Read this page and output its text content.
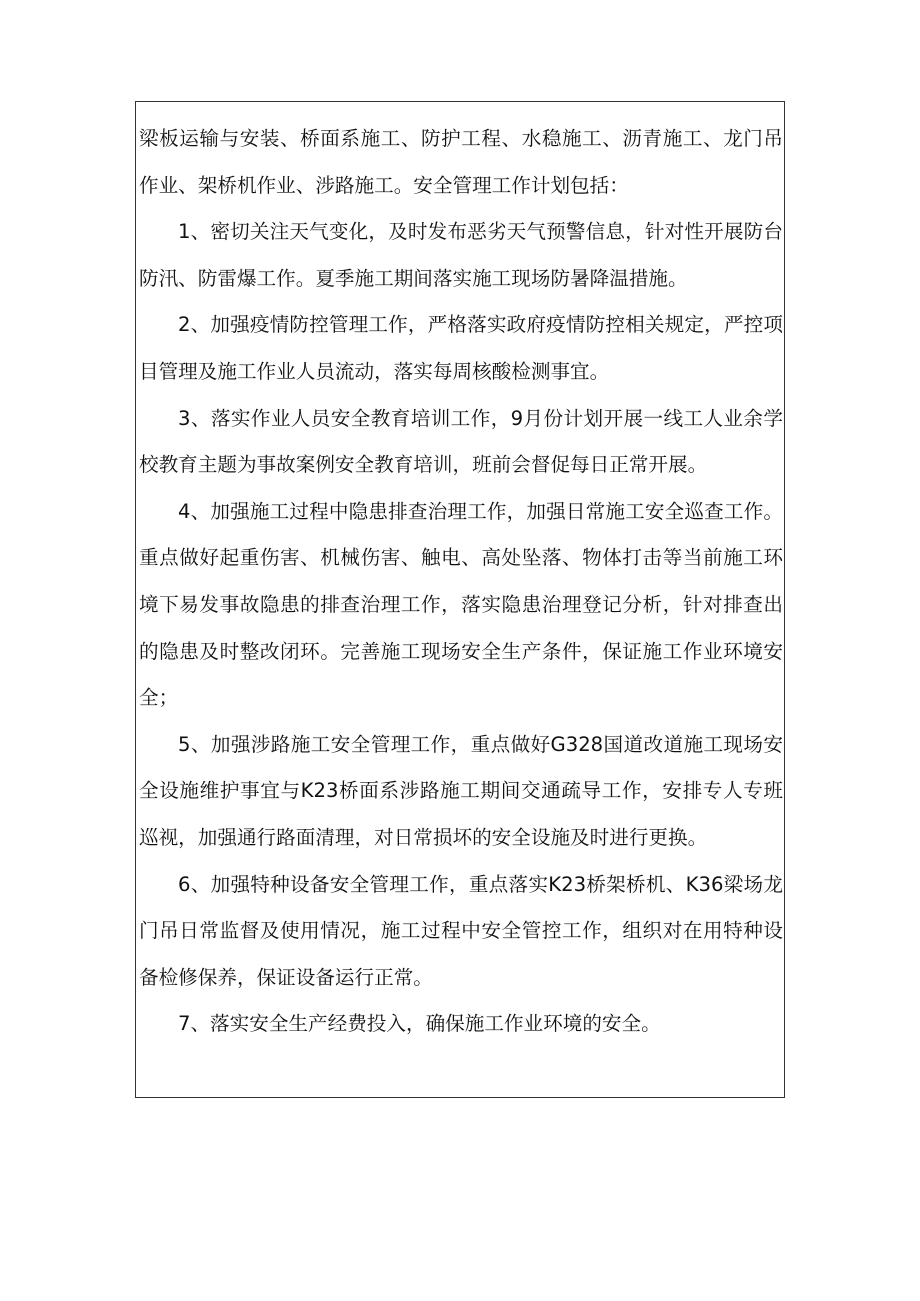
梁板运输与安装、桥面系施工、防护工程、水稳施工、沥青施工、龙门吊作业、架桥机作业、涉路施工。安全管理工作计划包括：

1、密切关注天气变化，及时发布恶劣天气预警信息，针对性开展防台防汛、防雷爆工作。夏季施工期间落实施工现场防暑降温措施。

2、加强疫情防控管理工作，严格落实政府疫情防控相关规定，严控项目管理及施工作业人员流动，落实每周核酸检测事宜。

3、落实作业人员安全教育培训工作，9月份计划开展一线工人业余学校教育主题为事故案例安全教育培训，班前会督促每日正常开展。

4、加强施工过程中隐患排查治理工作，加强日常施工安全巡查工作。重点做好起重伤害、机械伤害、触电、高处坠落、物体打击等当前施工环境下易发事故隐患的排查治理工作，落实隐患治理登记分析，针对排查出的隐患及时整改闭环。完善施工现场安全生产条件，保证施工作业环境安全；

5、加强涉路施工安全管理工作，重点做好G328国道改道施工现场安全设施维护事宜与K23桥面系涉路施工期间交通疏导工作，安排专人专班巡视，加强通行路面清理，对日常损坏的安全设施及时进行更换。

6、加强特种设备安全管理工作，重点落实K23桥架桥机、K36梁场龙门吊日常监督及使用情况，施工过程中安全管控工作，组织对在用特种设备检修保养，保证设备运行正常。

7、落实安全生产经费投入，确保施工作业环境的安全。
